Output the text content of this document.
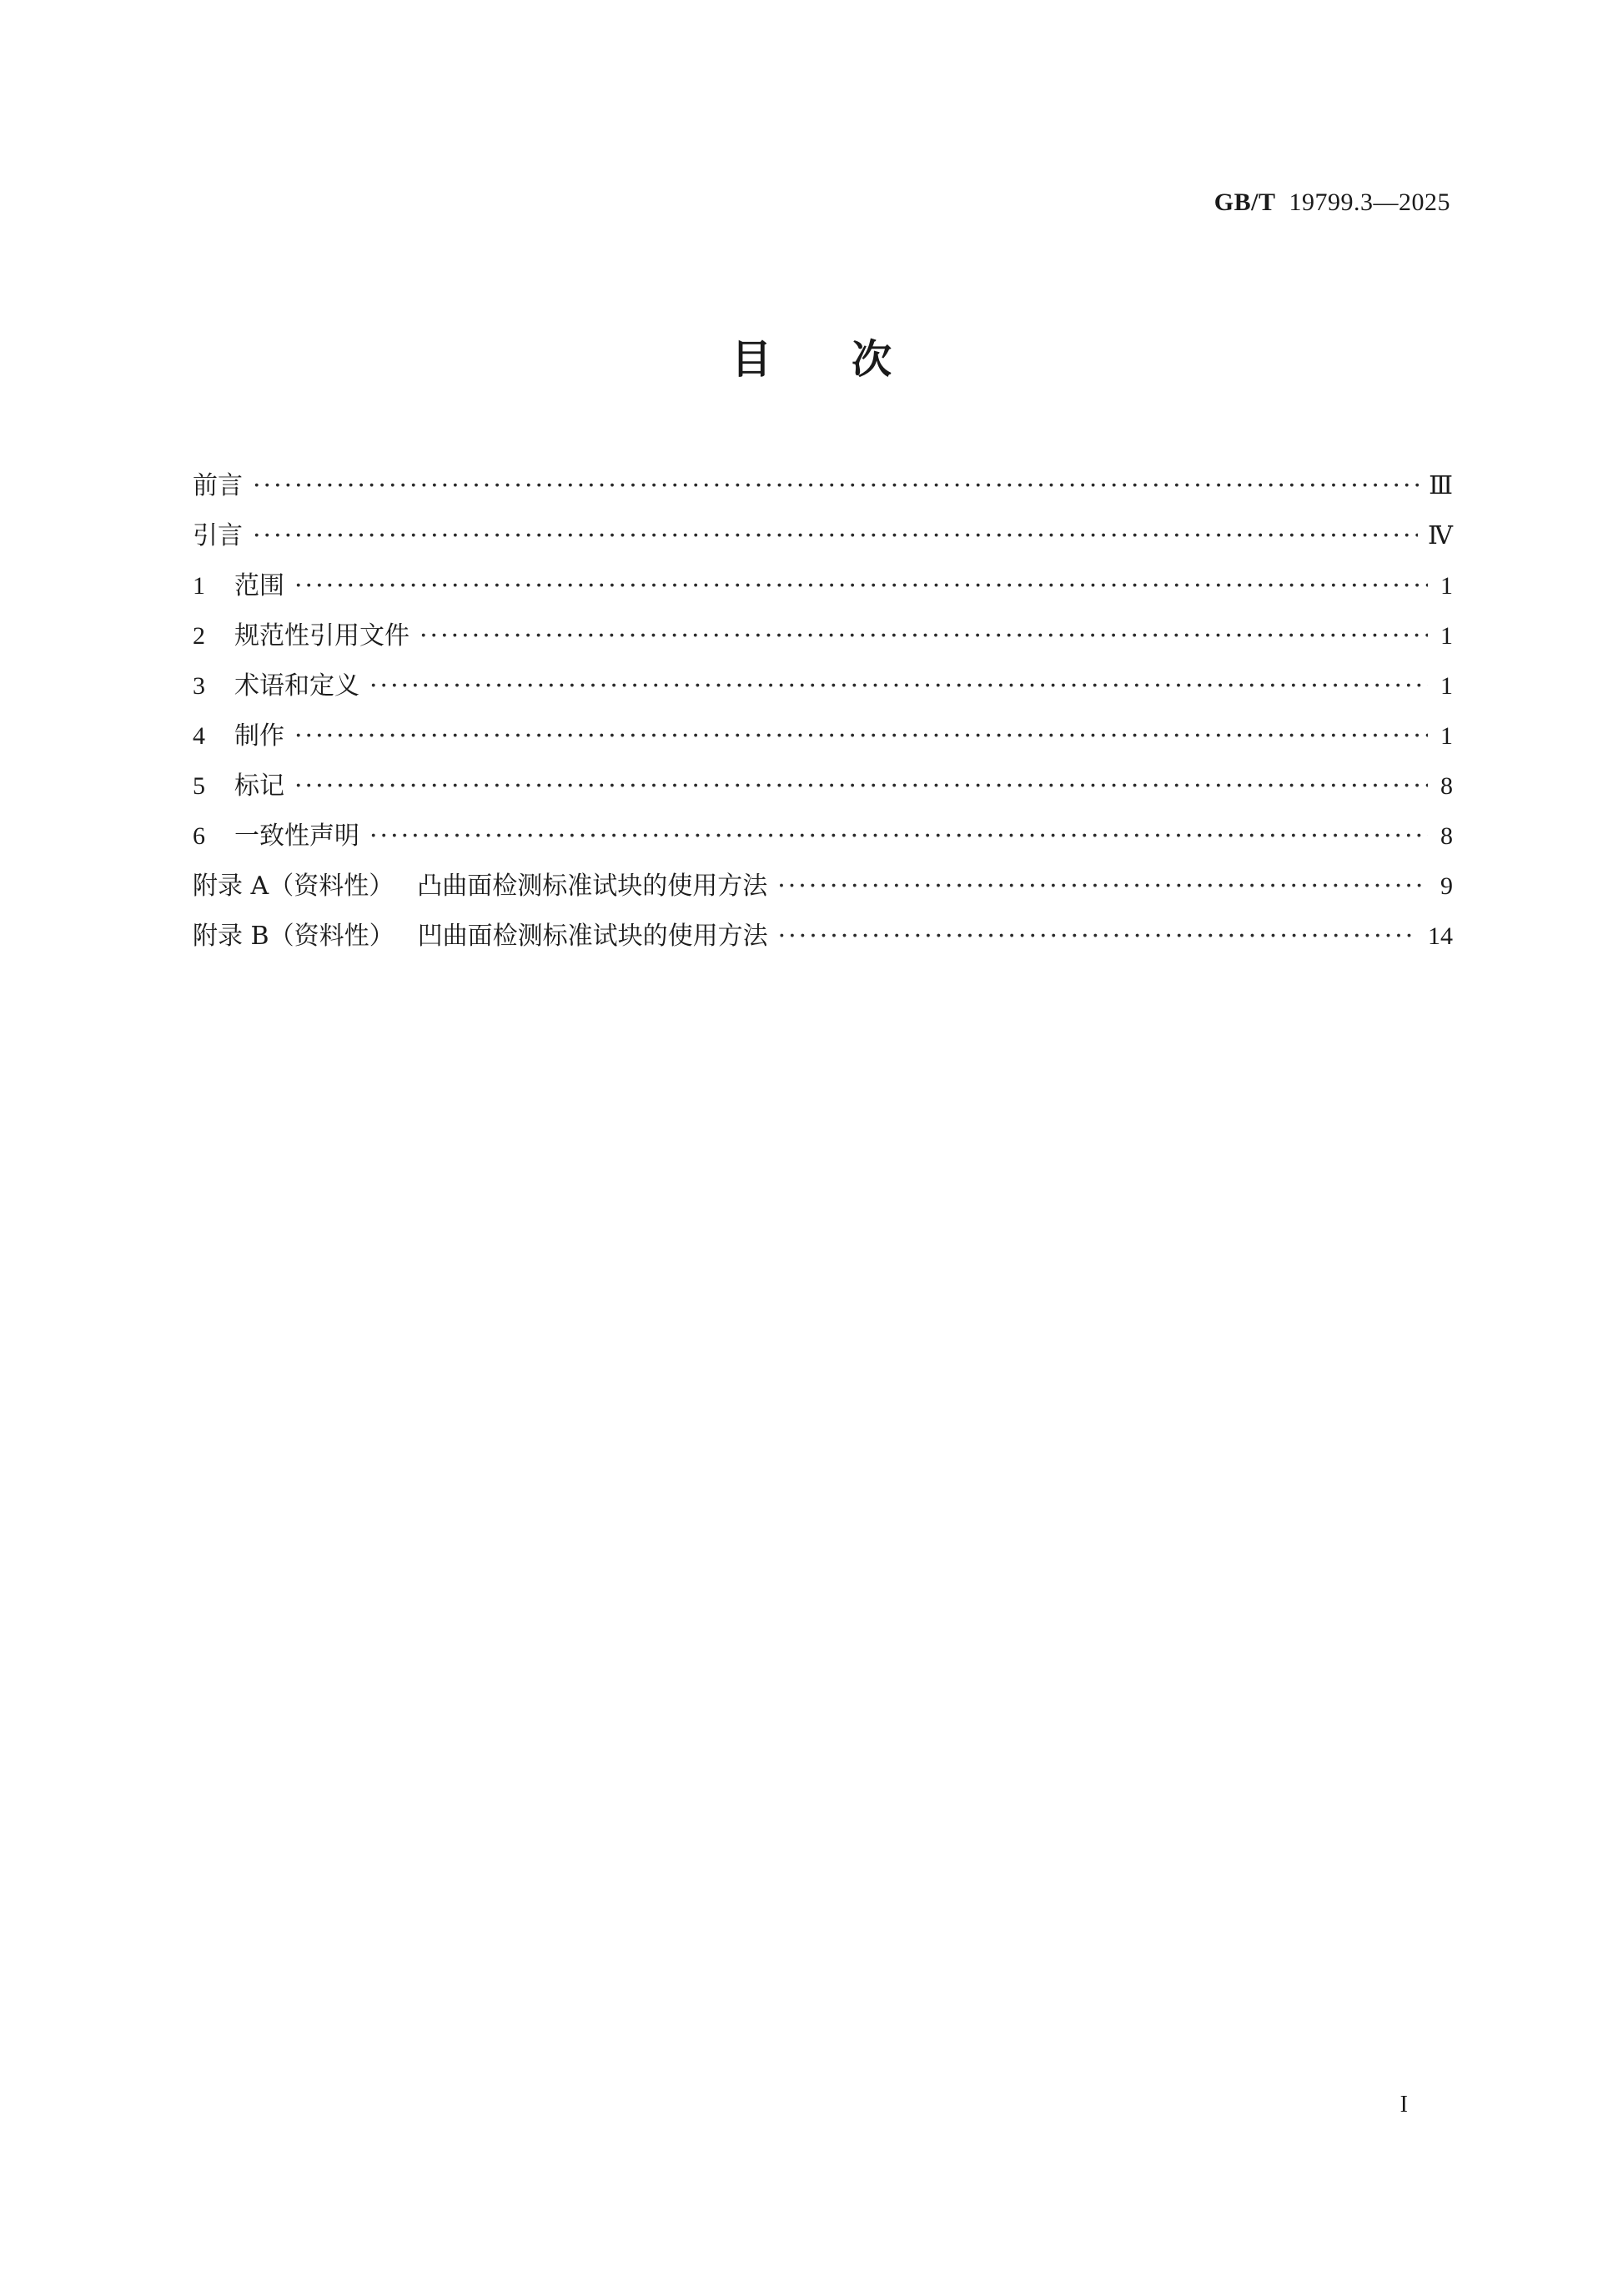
GB/T 19799.3—2025
目次
前言 ·····	Ⅲ
引言 ·····	Ⅳ
1	范围 ·····	1
2	规范性引用文件 ·····	1
3	术语和定义 ·····	1
4	制作 ·····	1
5	标记 ·····	8
6	一致性声明 ·····	8
附录 A（资料性） 凸曲面检测标准试块的使用方法 ·····	9
附录 B（资料性） 凹曲面检测标准试块的使用方法 ·····	14
I
